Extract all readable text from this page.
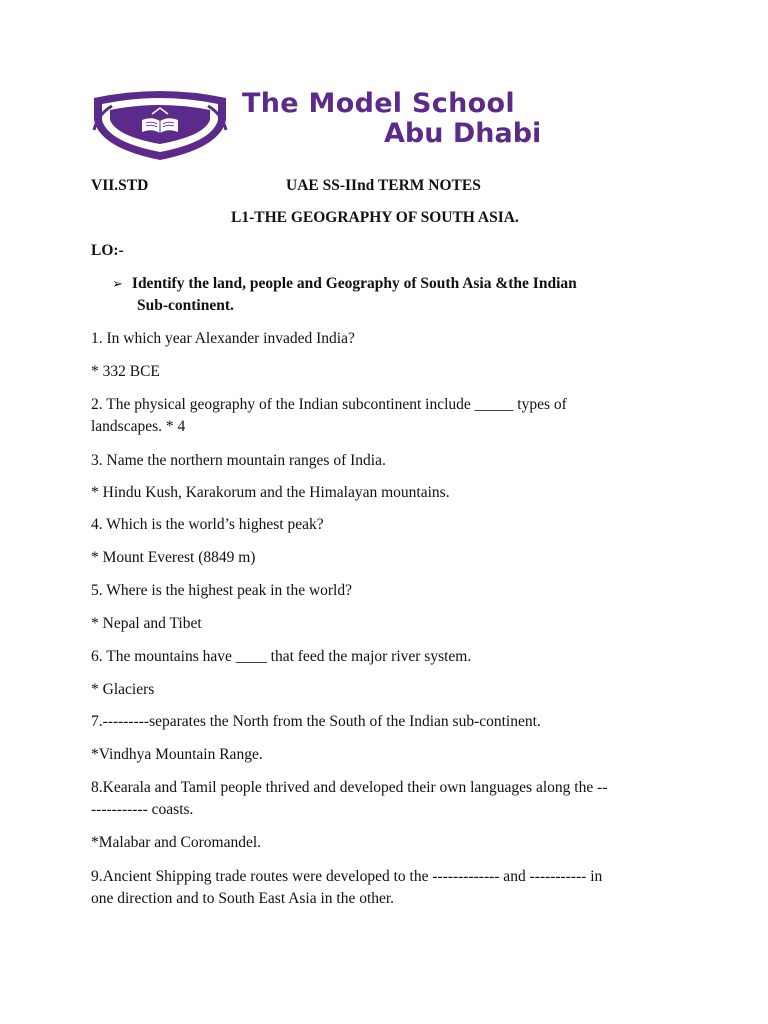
The Model School
Abu Dhabi
VII.STD	UAE SS-IInd TERM NOTES
L1-THE GEOGRAPHY OF SOUTH ASIA.
LO:-
➢ Identify the land, people and Geography of South Asia &the Indian
Sub-continent.
1. In which year Alexander invaded India?
* 332 BCE
2. The physical geography of the Indian subcontinent include _____ types of
landscapes. * 4
3. Name the northern mountain ranges of India.
* Hindu Kush, Karakorum and the Himalayan mountains.
4. Which is the world’s highest peak?
* Mount Everest (8849 m)
5. Where is the highest peak in the world?
* Nepal and Tibet
6. The mountains have ____ that feed the major river system.
* Glaciers
7.---------separates the North from the South of the Indian sub-continent.
*Vindhya Mountain Range.
8.Kearala and Tamil people thrived and developed their own languages along the --
----------- coasts.
*Malabar and Coromandel.
9.Ancient Shipping trade routes were developed to the ------------- and ----------- in
one direction and to South East Asia in the other.
